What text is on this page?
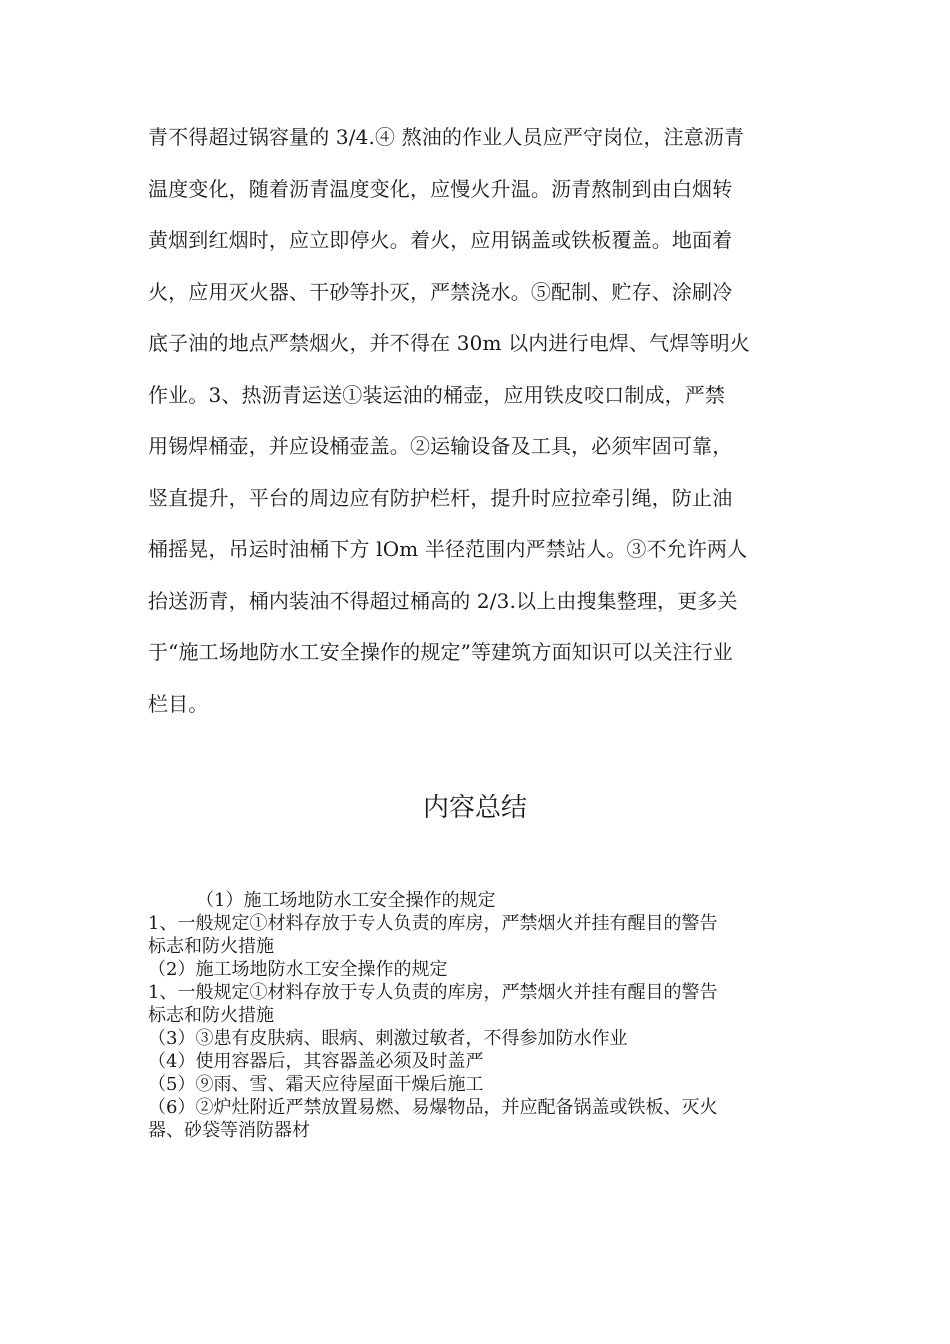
青不得超过锅容量的 3/4.④ 熬油的作业人员应严守岗位，注意沥青
温度变化，随着沥青温度变化，应慢火升温。沥青熬制到由白烟转
黄烟到红烟时，应立即停火。着火，应用锅盖或铁板覆盖。地面着
火，应用灭火器、干砂等扑灭，严禁浇水。⑤配制、贮存、涂刷冷
底子油的地点严禁烟火，并不得在 30m 以内进行电焊、气焊等明火
作业。3、热沥青运送①装运油的桶壶，应用铁皮咬口制成，严禁
用锡焊桶壶，并应设桶壶盖。②运输设备及工具，必须牢固可靠，
竖直提升，平台的周边应有防护栏杆，提升时应拉牵引绳，防止油
桶摇晃，吊运时油桶下方 lOm 半径范围内严禁站人。③不允许两人
抬送沥青，桶内装油不得超过桶高的 2/3.以上由搜集整理，更多关
于“施工场地防水工安全操作的规定”等建筑方面知识可以关注行业
栏目。
内容总结
（1）施工场地防水工安全操作的规定
1、一般规定①材料存放于专人负责的库房，严禁烟火并挂有醒目的警告
标志和防火措施
（2）施工场地防水工安全操作的规定
1、一般规定①材料存放于专人负责的库房，严禁烟火并挂有醒目的警告
标志和防火措施
（3）③患有皮肤病、眼病、刺激过敏者，不得参加防水作业
（4）使用容器后，其容器盖必须及时盖严
（5）⑨雨、雪、霜天应待屋面干燥后施工
（6）②炉灶附近严禁放置易燃、易爆物品，并应配备锅盖或铁板、灭火
器、砂袋等消防器材
